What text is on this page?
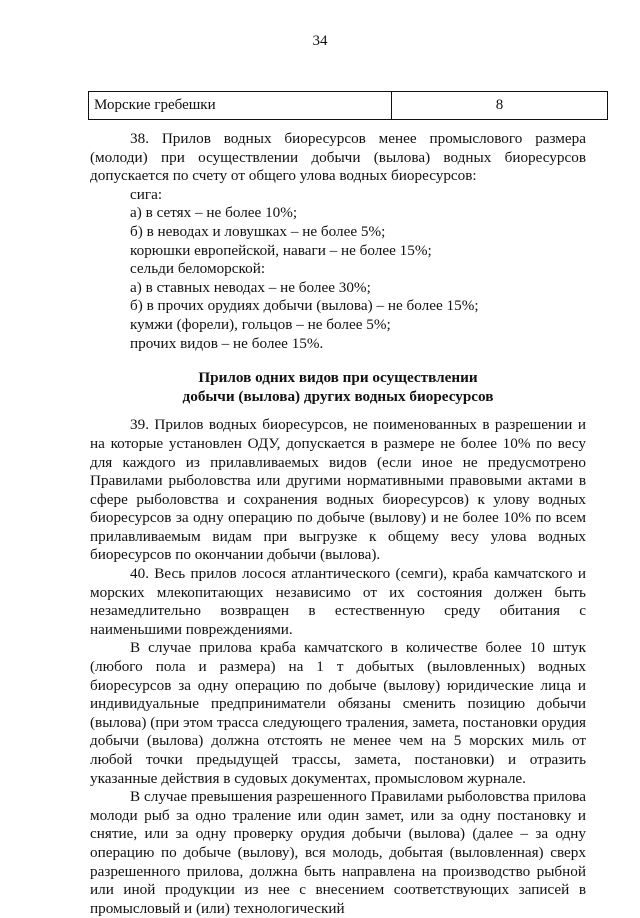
34
Морские гребешки	8

38. Прилов водных биоресурсов менее промыслового размера (молоди) при осуществлении добычи (вылова) водных биоресурсов допускается по счету от общего улова водных биоресурсов:

сига:

а) в сетях – не более 10%;

б) в неводах и ловушках – не более 5%;

корюшки европейской, наваги – не более 15%;

сельди беломорской:

а) в ставных неводах – не более 30%;

б) в прочих орудиях добычи (вылова) – не более 15%;

кумжи (форели), гольцов – не более 5%;

прочих видов – не более 15%.

Прилов одних видов при осуществлении
добычи (вылова) других водных биоресурсов

39. Прилов водных биоресурсов, не поименованных в разрешении и на которые установлен ОДУ, допускается в размере не более 10% по весу для каждого из прилавливаемых видов (если иное не предусмотрено Правилами рыболовства или другими нормативными правовыми актами в сфере рыболовства и сохранения водных биоресурсов) к улову водных биоресурсов за одну операцию по добыче (вылову) и не более 10% по всем прилавливаемым видам при выгрузке к общему весу улова водных биоресурсов по окончании добычи (вылова).

40. Весь прилов лосося атлантического (семги), краба камчатского и морских млекопитающих независимо от их состояния должен быть незамедлительно возвращен в естественную среду обитания с наименьшими повреждениями.

В случае прилова краба камчатского в количестве более 10 штук (любого пола и размера) на 1 т добытых (выловленных) водных биоресурсов за одну операцию по добыче (вылову) юридические лица и индивидуальные предприниматели обязаны сменить позицию добычи (вылова) (при этом трасса следующего траления, замета, постановки орудия добычи (вылова) должна отстоять не менее чем на 5 морских миль от любой точки предыдущей трассы, замета, постановки) и отразить указанные действия в судовых документах, промысловом журнале.

В случае превышения разрешенного Правилами рыболовства прилова молоди рыб за одно траление или один замет, или за одну постановку и снятие, или за одну проверку орудия добычи (вылова) (далее – за одну операцию по добыче (вылову), вся молодь, добытая (выловленная) сверх разрешенного прилова, должна быть направлена на производство рыбной или иной продукции из нее с внесением соответствующих записей в промысловый и (или) технологический
